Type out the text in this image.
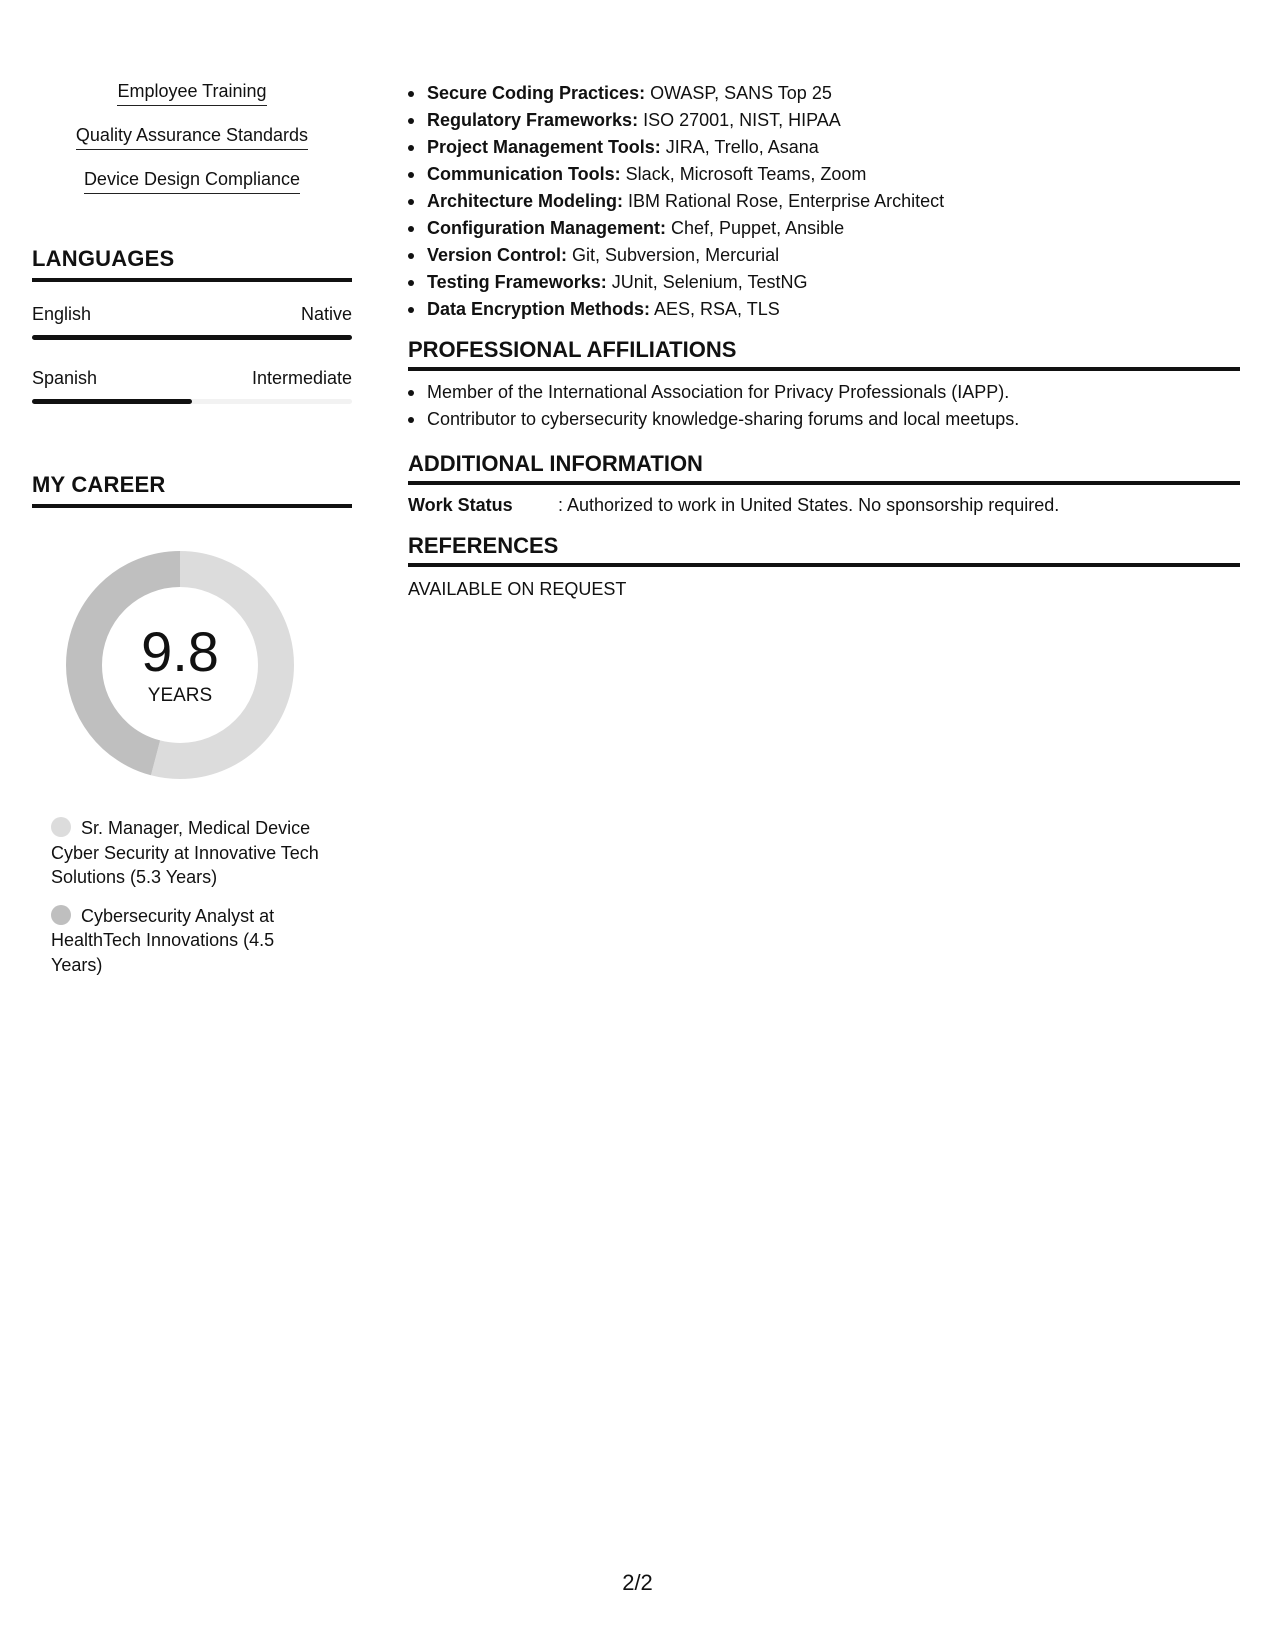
Employee Training
Quality Assurance Standards
Device Design Compliance
LANGUAGES
English	Native
Spanish	Intermediate
MY CAREER
9.8
YEARS
Sr. Manager, Medical Device Cyber Security at Innovative Tech Solutions (5.3 Years)
Cybersecurity Analyst at HealthTech Innovations (4.5 Years)
Secure Coding Practices: OWASP, SANS Top 25
Regulatory Frameworks: ISO 27001, NIST, HIPAA
Project Management Tools: JIRA, Trello, Asana
Communication Tools: Slack, Microsoft Teams, Zoom
Architecture Modeling: IBM Rational Rose, Enterprise Architect
Configuration Management: Chef, Puppet, Ansible
Version Control: Git, Subversion, Mercurial
Testing Frameworks: JUnit, Selenium, TestNG
Data Encryption Methods: AES, RSA, TLS
PROFESSIONAL AFFILIATIONS
Member of the International Association for Privacy Professionals (IAPP).
Contributor to cybersecurity knowledge-sharing forums and local meetups.
ADDITIONAL INFORMATION
Work Status	: Authorized to work in United States. No sponsorship required.
REFERENCES
AVAILABLE ON REQUEST
2/2
